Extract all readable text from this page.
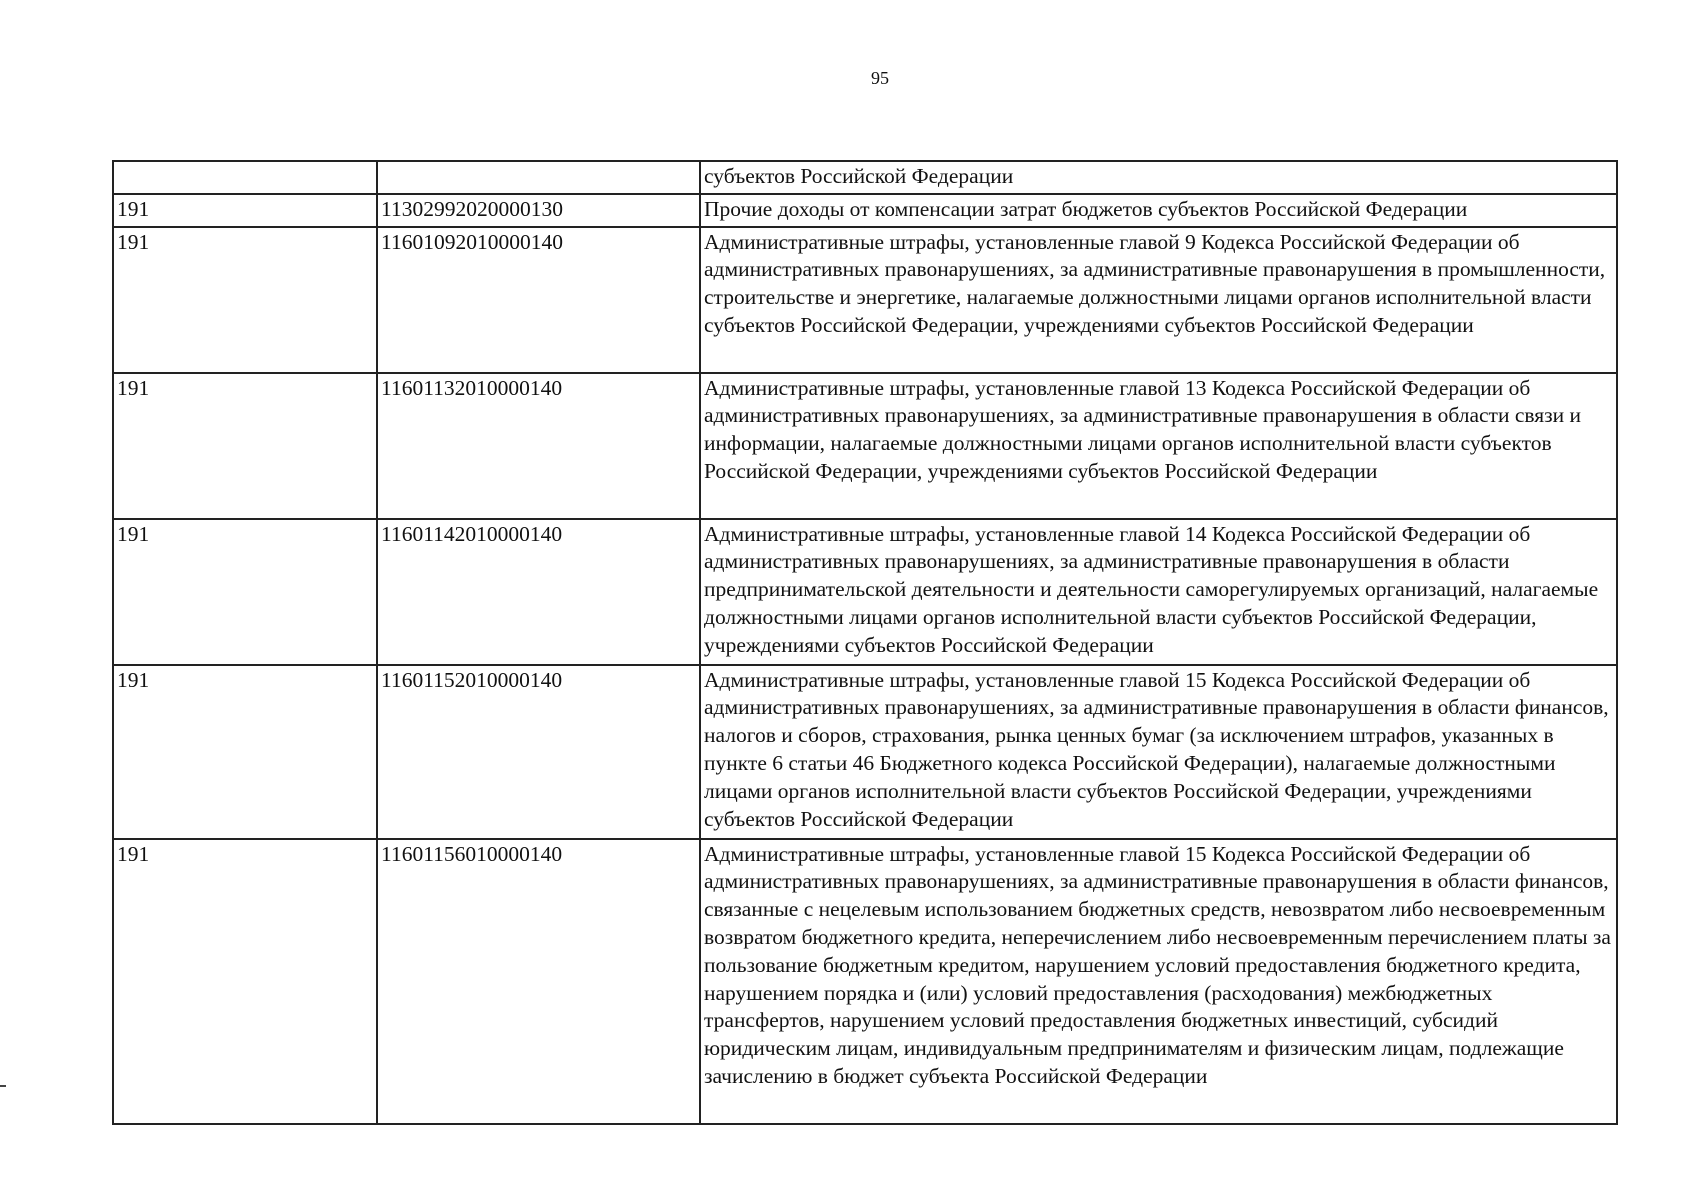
95
		субъектов Российской Федерации
191	11302992020000130	Прочие доходы от компенсации затрат бюджетов субъектов Российской Федерации
191	11601092010000140	Административные штрафы, установленные главой 9 Кодекса Российской Федерации об административных правонарушениях, за административные правонарушения в промышленности, строительстве и энергетике, налагаемые должностными лицами органов исполнительной власти субъектов Российской Федерации, учреждениями субъектов Российской Федерации
191	11601132010000140	Административные штрафы, установленные главой 13 Кодекса Российской Федерации об административных правонарушениях, за административные правонарушения в области связи и информации, налагаемые должностными лицами органов исполнительной власти субъектов Российской Федерации, учреждениями субъектов Российской Федерации
191	11601142010000140	Административные штрафы, установленные главой 14 Кодекса Российской Федерации об административных правонарушениях, за административные правонарушения в области предпринимательской деятельности и деятельности саморегулируемых организаций, налагаемые должностными лицами органов исполнительной власти субъектов Российской Федерации, учреждениями субъектов Российской Федерации
191	11601152010000140	Административные штрафы, установленные главой 15 Кодекса Российской Федерации об административных правонарушениях, за административные правонарушения в области финансов, налогов и сборов, страхования, рынка ценных бумаг (за исключением штрафов, указанных в пункте 6 статьи 46 Бюджетного кодекса Российской Федерации), налагаемые должностными лицами органов исполнительной власти субъектов Российской Федерации, учреждениями субъектов Российской Федерации
191	11601156010000140	Административные штрафы, установленные главой 15 Кодекса Российской Федерации об административных правонарушениях, за административные правонарушения в области финансов, связанные с нецелевым использованием бюджетных средств, невозвратом либо несвоевременным возвратом бюджетного кредита, неперечислением либо несвоевременным перечислением платы за пользование бюджетным кредитом, нарушением условий предоставления бюджетного кредита, нарушением порядка и (или) условий предоставления (расходования) межбюджетных трансфертов, нарушением условий предоставления бюджетных инвестиций, субсидий юридическим лицам, индивидуальным предпринимателям и физическим лицам, подлежащие зачислению в бюджет субъекта Российской Федерации
